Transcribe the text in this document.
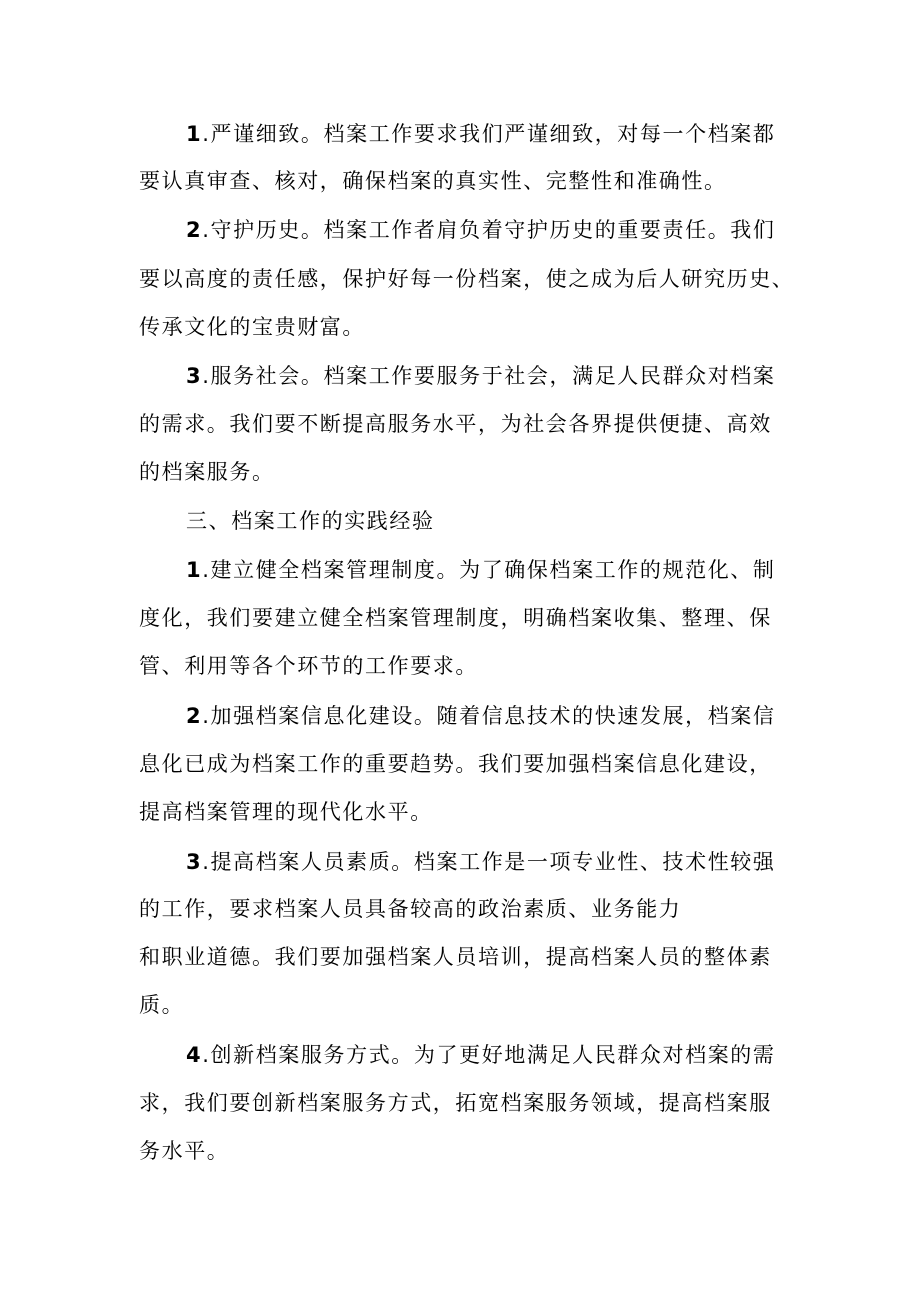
1.严谨细致。档案工作要求我们严谨细致，对每一个档案都
要认真审查、核对，确保档案的真实性、完整性和准确性。
2.守护历史。档案工作者肩负着守护历史的重要责任。我们
要以高度的责任感，保护好每一份档案，使之成为后人研究历史、
传承文化的宝贵财富。
3.服务社会。档案工作要服务于社会，满足人民群众对档案
的需求。我们要不断提高服务水平，为社会各界提供便捷、高效
的档案服务。
三、档案工作的实践经验
1.建立健全档案管理制度。为了确保档案工作的规范化、制
度化，我们要建立健全档案管理制度，明确档案收集、整理、保
管、利用等各个环节的工作要求。
2.加强档案信息化建设。随着信息技术的快速发展，档案信
息化已成为档案工作的重要趋势。我们要加强档案信息化建设，
提高档案管理的现代化水平。
3.提高档案人员素质。档案工作是一项专业性、技术性较强
的工作，要求档案人员具备较高的政治素质、业务能力
和职业道德。我们要加强档案人员培训，提高档案人员的整体素
质。
4.创新档案服务方式。为了更好地满足人民群众对档案的需
求，我们要创新档案服务方式，拓宽档案服务领域，提高档案服
务水平。
